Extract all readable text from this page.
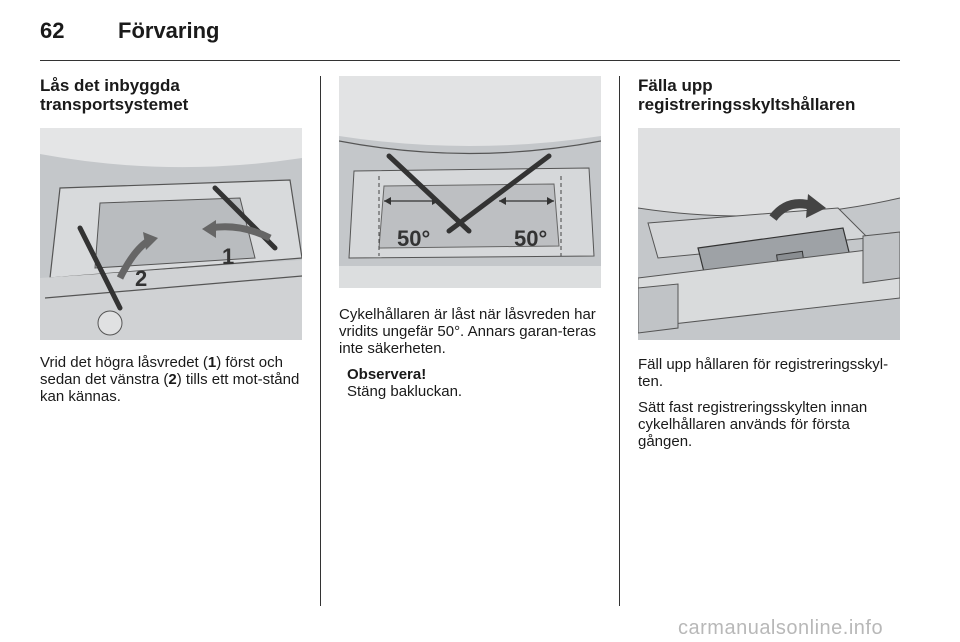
62 Förvaring
Lås det inbyggda
transportsystemet
1
2

Vrid det högra låsvredet (1) först och sedan det vänstra (2) tills ett mot-stånd kan kännas.

50°	50°

Cykelhållaren är låst när låsvreden har vridits ungefär 50°. Annars garan-teras inte säkerheten.

Observera!

Stäng bakluckan.

Fälla upp
registreringsskyltshållaren

Fäll upp hållaren för registreringsskyl-ten.

Sätt fast registreringsskylten innan cykelhållaren används för första gången.

carmanualsonline.info
